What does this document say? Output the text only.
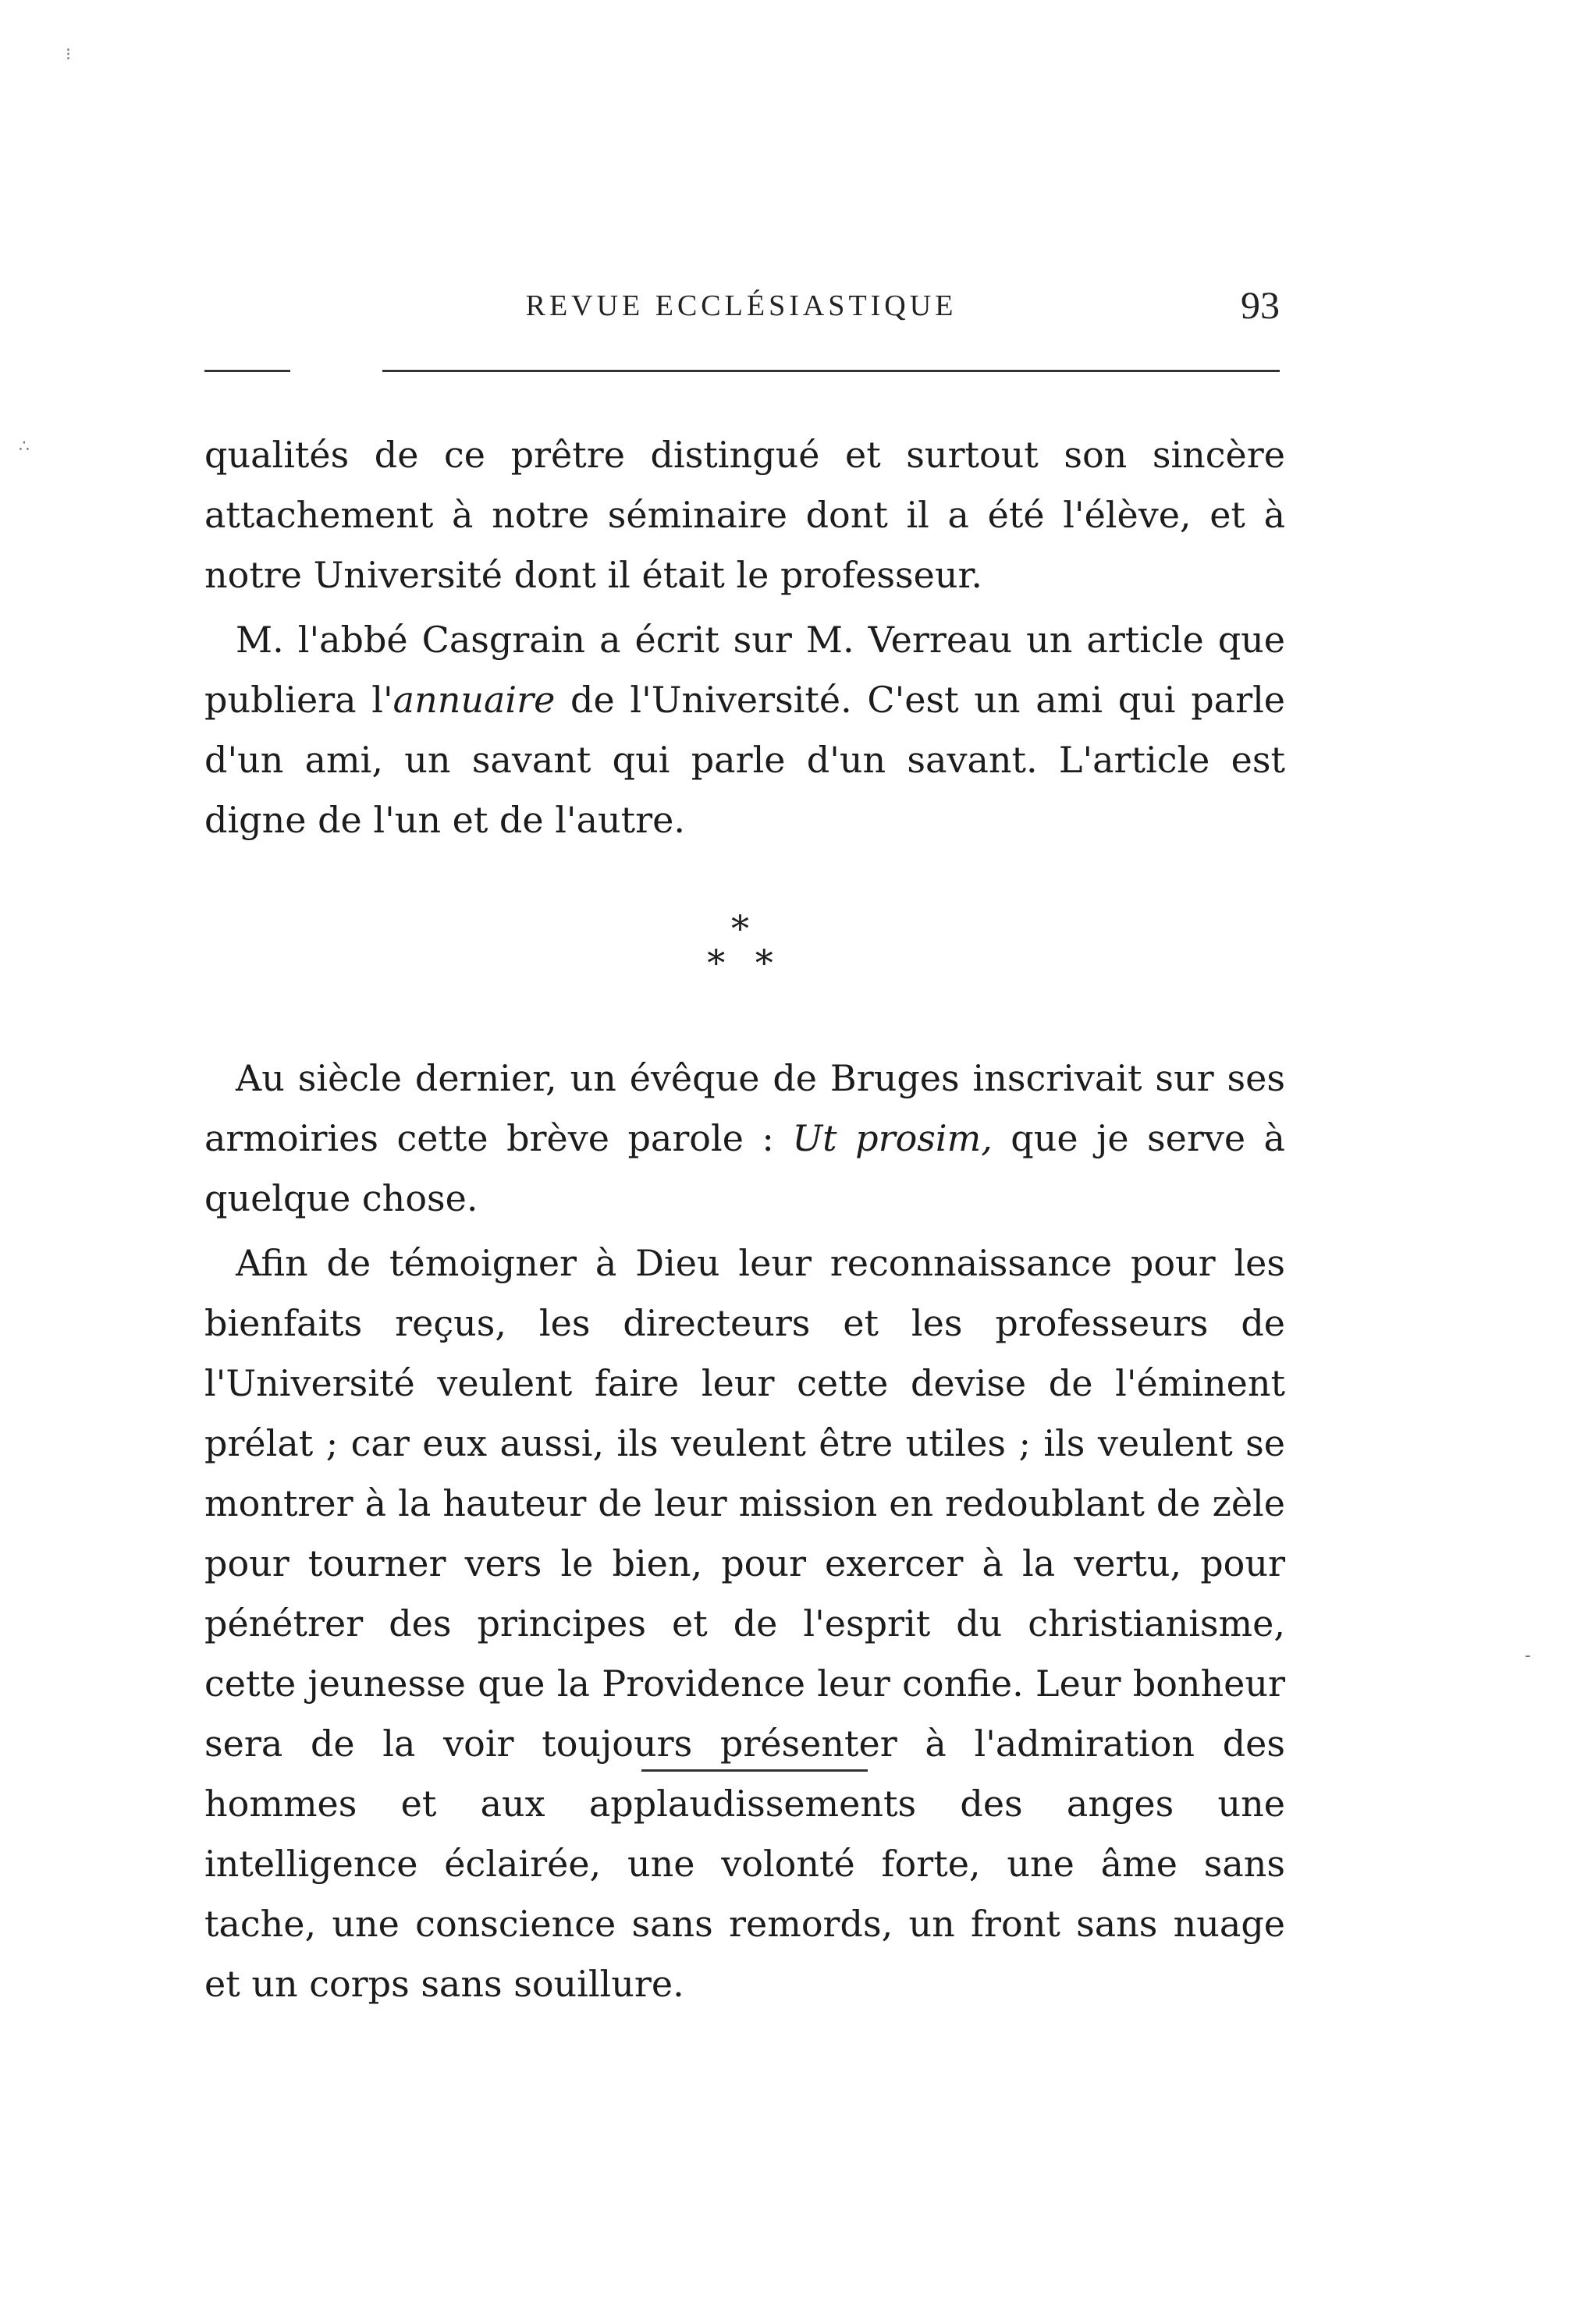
⁝
∴
-
REVUE ECCLÉSIASTIQUE	93

qualités de ce prêtre distingué et surtout son sincère attachement à notre séminaire dont il a été l'élève, et à notre Université dont il était le professeur.

M. l'abbé Casgrain a écrit sur M. Verreau un article que publiera l'annuaire de l'Université. C'est un ami qui parle d'un ami, un savant qui parle d'un savant. L'article est digne de l'un et de l'autre.

*
* *

Au siècle dernier, un évêque de Bruges inscrivait sur ses armoiries cette brève parole : Ut prosim, que je serve à quelque chose.

Afin de témoigner à Dieu leur reconnaissance pour les bienfaits reçus, les directeurs et les professeurs de l'Université veulent faire leur cette devise de l'éminent prélat ; car eux aussi, ils veulent être utiles ; ils veulent se montrer à la hauteur de leur mission en redoublant de zèle pour tourner vers le bien, pour exercer à la vertu, pour pénétrer des principes et de l'esprit du christianisme, cette jeunesse que la Providence leur confie. Leur bonheur sera de la voir toujours présenter à l'admiration des hommes et aux applaudissements des anges une intelligence éclairée, une volonté forte, une âme sans tache, une conscience sans remords, un front sans nuage et un corps sans souillure.
